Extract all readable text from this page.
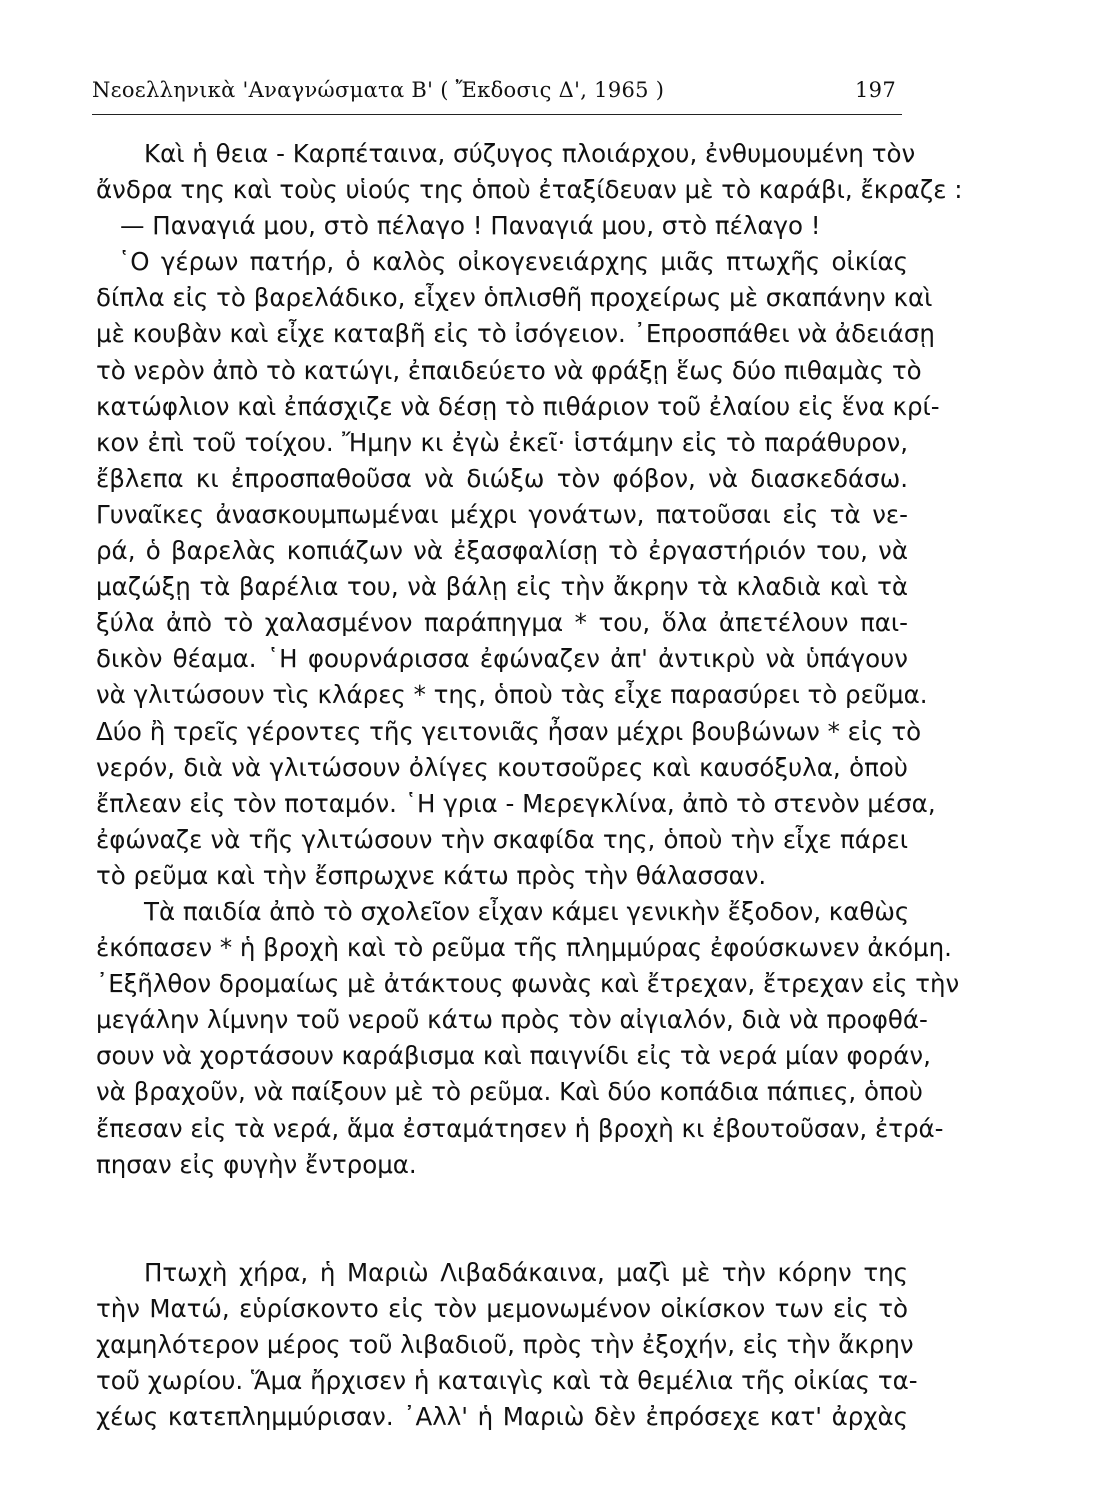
Νεοελληνικὰ 'Αναγνώσματα Β' ( Ἔκδοσις Δ', 1965 )	197
Καὶ ἡ θεια - Καρπέταινα, σύζυγος πλοιάρχου, ἐνθυμουμένη τὸν
ἄνδρα της καὶ τοὺς υἱούς της ὁποὺ ἐταξίδευαν μὲ τὸ καράβι, ἔκραζε :
— Παναγιά μου, στὸ πέλαγο ! Παναγιά μου, στὸ πέλαγο !
῾Ο γέρων πατήρ, ὁ καλὸς οἰκογενειάρχης μιᾶς πτωχῆς οἰκίας
δίπλα εἰς τὸ βαρελάδικο, εἶχεν ὁπλισθῆ προχείρως μὲ σκαπάνην καὶ
μὲ κουβὰν καὶ εἶχε καταβῆ εἰς τὸ ἰσόγειον. ᾿Επροσπάθει νὰ ἀδειάσῃ
τὸ νερὸν ἀπὸ τὸ κατώγι, ἐπαιδεύετο νὰ φράξῃ ἕως δύο πιθαμὰς τὸ
κατώφλιον καὶ ἐπάσχιζε νὰ δέσῃ τὸ πιθάριον τοῦ ἐλαίου εἰς ἕνα κρί-
κον ἐπὶ τοῦ τοίχου. Ἤμην κι ἐγὼ ἐκεῖ· ἱστάμην εἰς τὸ παράθυρον,
ἔβλεπα κι ἐπροσπαθοῦσα νὰ διώξω τὸν φόβον, νὰ διασκεδάσω.
Γυναῖκες ἀνασκουμπωμέναι μέχρι γονάτων, πατοῦσαι εἰς τὰ νε-
ρά, ὁ βαρελὰς κοπιάζων νὰ ἐξασφαλίσῃ τὸ ἐργαστήριόν του, νὰ
μαζώξῃ τὰ βαρέλια του, νὰ βάλῃ εἰς τὴν ἄκρην τὰ κλαδιὰ καὶ τὰ
ξύλα ἀπὸ τὸ χαλασμένον παράπηγμα * του, ὅλα ἀπετέλουν παι-
δικὸν θέαμα. ῾Η φουρνάρισσα ἐφώναζεν ἀπ' ἀντικρὺ νὰ ὑπάγουν
νὰ γλιτώσουν τὶς κλάρες * της, ὁποὺ τὰς εἶχε παρασύρει τὸ ρεῦμα.
Δύο ἢ τρεῖς γέροντες τῆς γειτονιᾶς ἦσαν μέχρι βουβώνων * εἰς τὸ
νερόν, διὰ νὰ γλιτώσουν ὀλίγες κουτσοῦρες καὶ καυσόξυλα, ὁποὺ
ἔπλεαν εἰς τὸν ποταμόν. ῾Η γρια - Μερεγκλίνα, ἀπὸ τὸ στενὸν μέσα,
ἐφώναζε νὰ τῆς γλιτώσουν τὴν σκαφίδα της, ὁποὺ τὴν εἶχε πάρει
τὸ ρεῦμα καὶ τὴν ἔσπρωχνε κάτω πρὸς τὴν θάλασσαν.
Τὰ παιδία ἀπὸ τὸ σχολεῖον εἶχαν κάμει γενικὴν ἔξοδον, καθὼς
ἐκόπασεν * ἡ βροχὴ καὶ τὸ ρεῦμα τῆς πλημμύρας ἐφούσκωνεν ἀκόμη.
᾿Εξῆλθον δρομαίως μὲ ἀτάκτους φωνὰς καὶ ἔτρεχαν, ἔτρεχαν εἰς τὴν
μεγάλην λίμνην τοῦ νεροῦ κάτω πρὸς τὸν αἰγιαλόν, διὰ νὰ προφθά-
σουν νὰ χορτάσουν καράβισμα καὶ παιγνίδι εἰς τὰ νερά μίαν φοράν,
νὰ βραχοῦν, νὰ παίξουν μὲ τὸ ρεῦμα. Καὶ δύο κοπάδια πάπιες, ὁποὺ
ἔπεσαν εἰς τὰ νερά, ἅμα ἐσταμάτησεν ἡ βροχὴ κι ἐβουτοῦσαν, ἐτρά-
πησαν εἰς φυγὴν ἔντρομα.
Πτωχὴ χήρα, ἡ Μαριὼ Λιβαδάκαινα, μαζὶ μὲ τὴν κόρην της
τὴν Ματώ, εὑρίσκοντο εἰς τὸν μεμονωμένον οἰκίσκον των εἰς τὸ
χαμηλότερον μέρος τοῦ λιβαδιοῦ, πρὸς τὴν ἐξοχήν, εἰς τὴν ἄκρην
τοῦ χωρίου. Ἅμα ἤρχισεν ἡ καταιγὶς καὶ τὰ θεμέλια τῆς οἰκίας τα-
χέως κατεπλημμύρισαν. ᾿Αλλ' ἡ Μαριὼ δὲν ἐπρόσεχε κατ' ἀρχὰς
